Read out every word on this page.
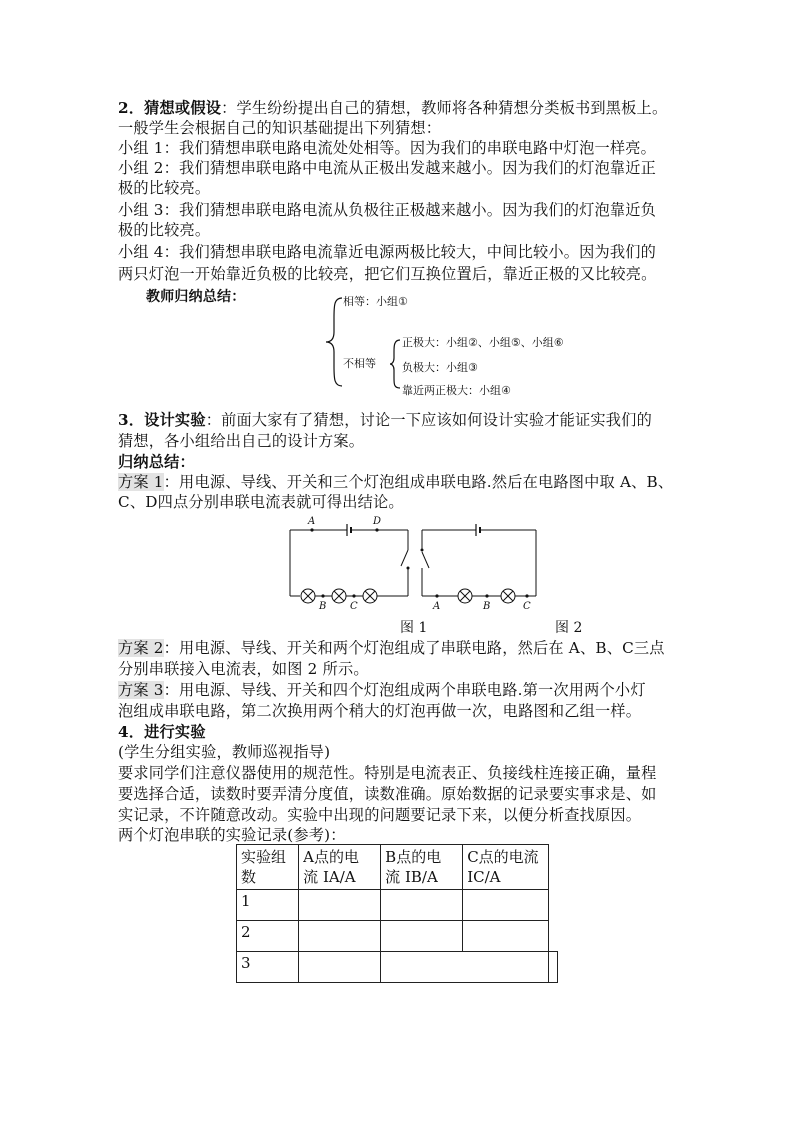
2．猜想或假设：学生纷纷提出自己的猜想，教师将各种猜想分类板书到黑板上。
一般学生会根据自己的知识基础提出下列猜想：
小组 1：我们猜想串联电路电流处处相等。因为我们的串联电路中灯泡一样亮。
小组 2：我们猜想串联电路中电流从正极出发越来越小。因为我们的灯泡靠近正
极的比较亮。
小组 3：我们猜想串联电路电流从负极往正极越来越小。因为我们的灯泡靠近负
极的比较亮。
小组 4：我们猜想串联电路电流靠近电源两极比较大，中间比较小。因为我们的
两只灯泡一开始靠近负极的比较亮，把它们互换位置后，靠近正极的又比较亮。
教师归纳总结：	相等：小组①
不相等
正极大：小组②、小组⑤、小组⑥
负极大：小组③
靠近两正极大：小组④
3．设计实验：前面大家有了猜想，讨论一下应该如何设计实验才能证实我们的
猜想，各小组给出自己的设计方案。
归纳总结：
方案 1：用电源、导线、开关和三个灯泡组成串联电路.然后在电路图中取 A、B、
C、D四点分别串联电流表就可得出结论。
A	D
B C	A	B	C
图 1	图 2
方案 2：用电源、导线、开关和两个灯泡组成了串联电路，然后在 A、B、C三点
分别串联接入电流表，如图 2 所示。
方案 3：用电源、导线、开关和四个灯泡组成两个串联电路.第一次用两个小灯
泡组成串联电路，第二次换用两个稍大的灯泡再做一次，电路图和乙组一样。
4．进行实验
(学生分组实验，教师巡视指导)
要求同学们注意仪器使用的规范性。特别是电流表正、负接线柱连接正确，量程
要选择合适，读数时要弄清分度值，读数准确。原始数据的记录要实事求是、如
实记录，不许随意改动。实验中出现的问题要记录下来，以便分析查找原因。
两个灯泡串联的实验记录(参考)：
实验组
数	A点的电
流 IA/A	B点的电
流 IB/A	C点的电流
IC/A	
1				
2				
3				
